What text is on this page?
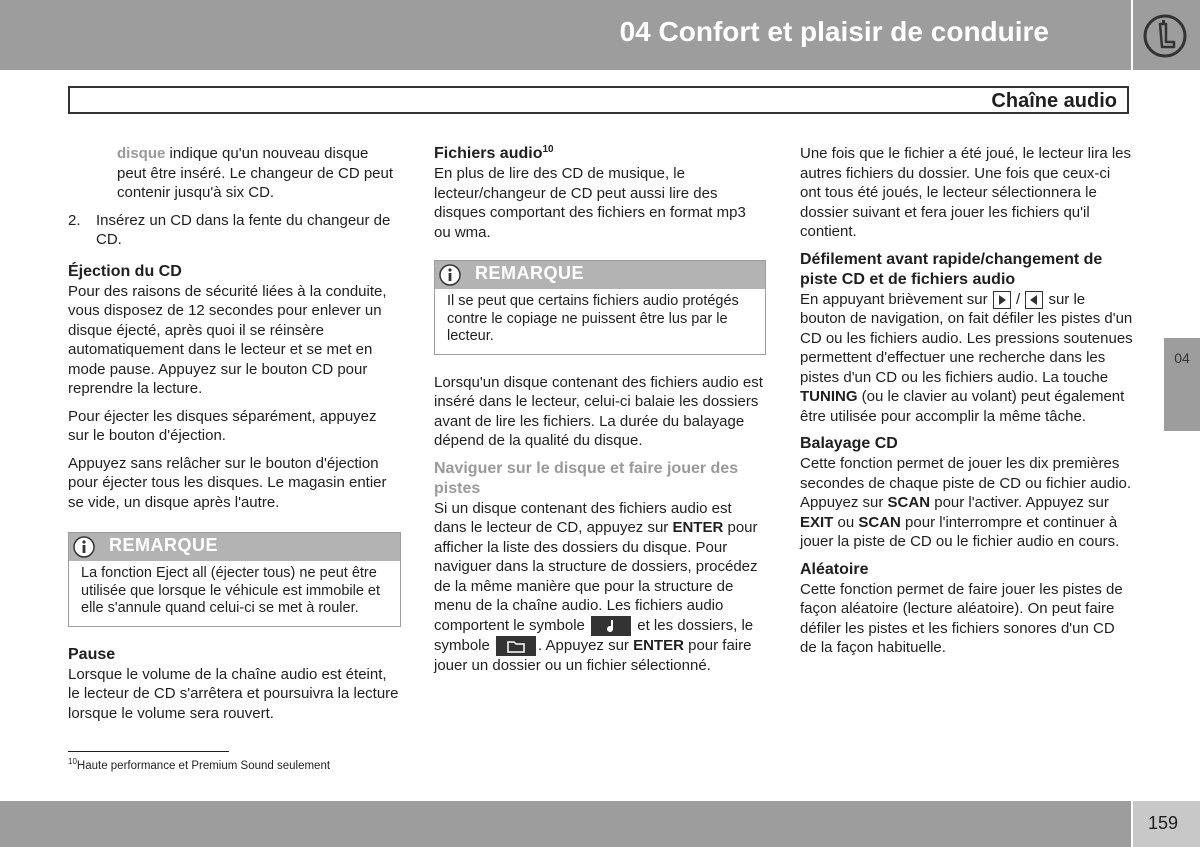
04 Confort et plaisir de conduire
Chaîne audio

disque indique qu'un nouveau disque peut être inséré. Le changeur de CD peut contenir jusqu'à six CD.

2.	Insérez un CD dans la fente du changeur de CD.
Éjection du CD

Pour des raisons de sécurité liées à la conduite, vous disposez de 12 secondes pour enlever un disque éjecté, après quoi il se réinsère automatiquement dans le lecteur et se met en mode pause. Appuyez sur le bouton CD pour reprendre la lecture.

Pour éjecter les disques séparément, appuyez sur le bouton d'éjection.

Appuyez sans relâcher sur le bouton d'éjection pour éjecter tous les disques. Le magasin entier se vide, un disque après l'autre.

REMARQUE
La fonction Eject all (éjecter tous) ne peut être utilisée que lorsque le véhicule est immobile et elle s'annule quand celui-ci se met à rouler.
Pause

Lorsque le volume de la chaîne audio est éteint, le lecteur de CD s'arrêtera et poursuivra la lecture lorsque le volume sera rouvert.

Fichiers audio$^{10}$

En plus de lire des CD de musique, le lecteur/changeur de CD peut aussi lire des disques comportant des fichiers en format mp3 ou wma.

REMARQUE
Il se peut que certains fichiers audio protégés contre le copiage ne puissent être lus par le lecteur.

Lorsqu'un disque contenant des fichiers audio est inséré dans le lecteur, celui-ci balaie les dossiers avant de lire les fichiers. La durée du balayage dépend de la qualité du disque.

Naviguer sur le disque et faire jouer des pistes

Si un disque contenant des fichiers audio est dans le lecteur de CD, appuyez sur ENTER pour afficher la liste des dossiers du disque. Pour naviguer dans la structure de dossiers, procédez de la même manière que pour la structure de menu de la chaîne audio. Les fichiers audio comportent le symbole	et les dossiers, le symbole	. Appuyez sur ENTER pour faire jouer un dossier ou un fichier sélectionné.

Une fois que le fichier a été joué, le lecteur lira les autres fichiers du dossier. Une fois que ceux-ci ont tous été joués, le lecteur sélectionnera le dossier suivant et fera jouer les fichiers qu'il contient.

Défilement avant rapide/changement de piste CD et de fichiers audio

En appuyant brièvement sur  /  sur le bouton de navigation, on fait défiler les pistes d'un CD ou les fichiers audio. Les pressions soutenues permettent d'effectuer une recherche dans les pistes d'un CD ou les fichiers audio. La touche TUNING (ou le clavier au volant) peut également être utilisée pour accomplir la même tâche.

Balayage CD

Cette fonction permet de jouer les dix premières secondes de chaque piste de CD ou fichier audio. Appuyez sur SCAN pour l'activer. Appuyez sur EXIT ou SCAN pour l'interrompre et continuer à jouer la piste de CD ou le fichier audio en cours.

Aléatoire

Cette fonction permet de faire jouer les pistes de façon aléatoire (lecture aléatoire). On peut faire défiler les pistes et les fichiers sonores d'un CD de la façon habituelle.

$^{10}$Haute performance et Premium Sound seulement
04
159
